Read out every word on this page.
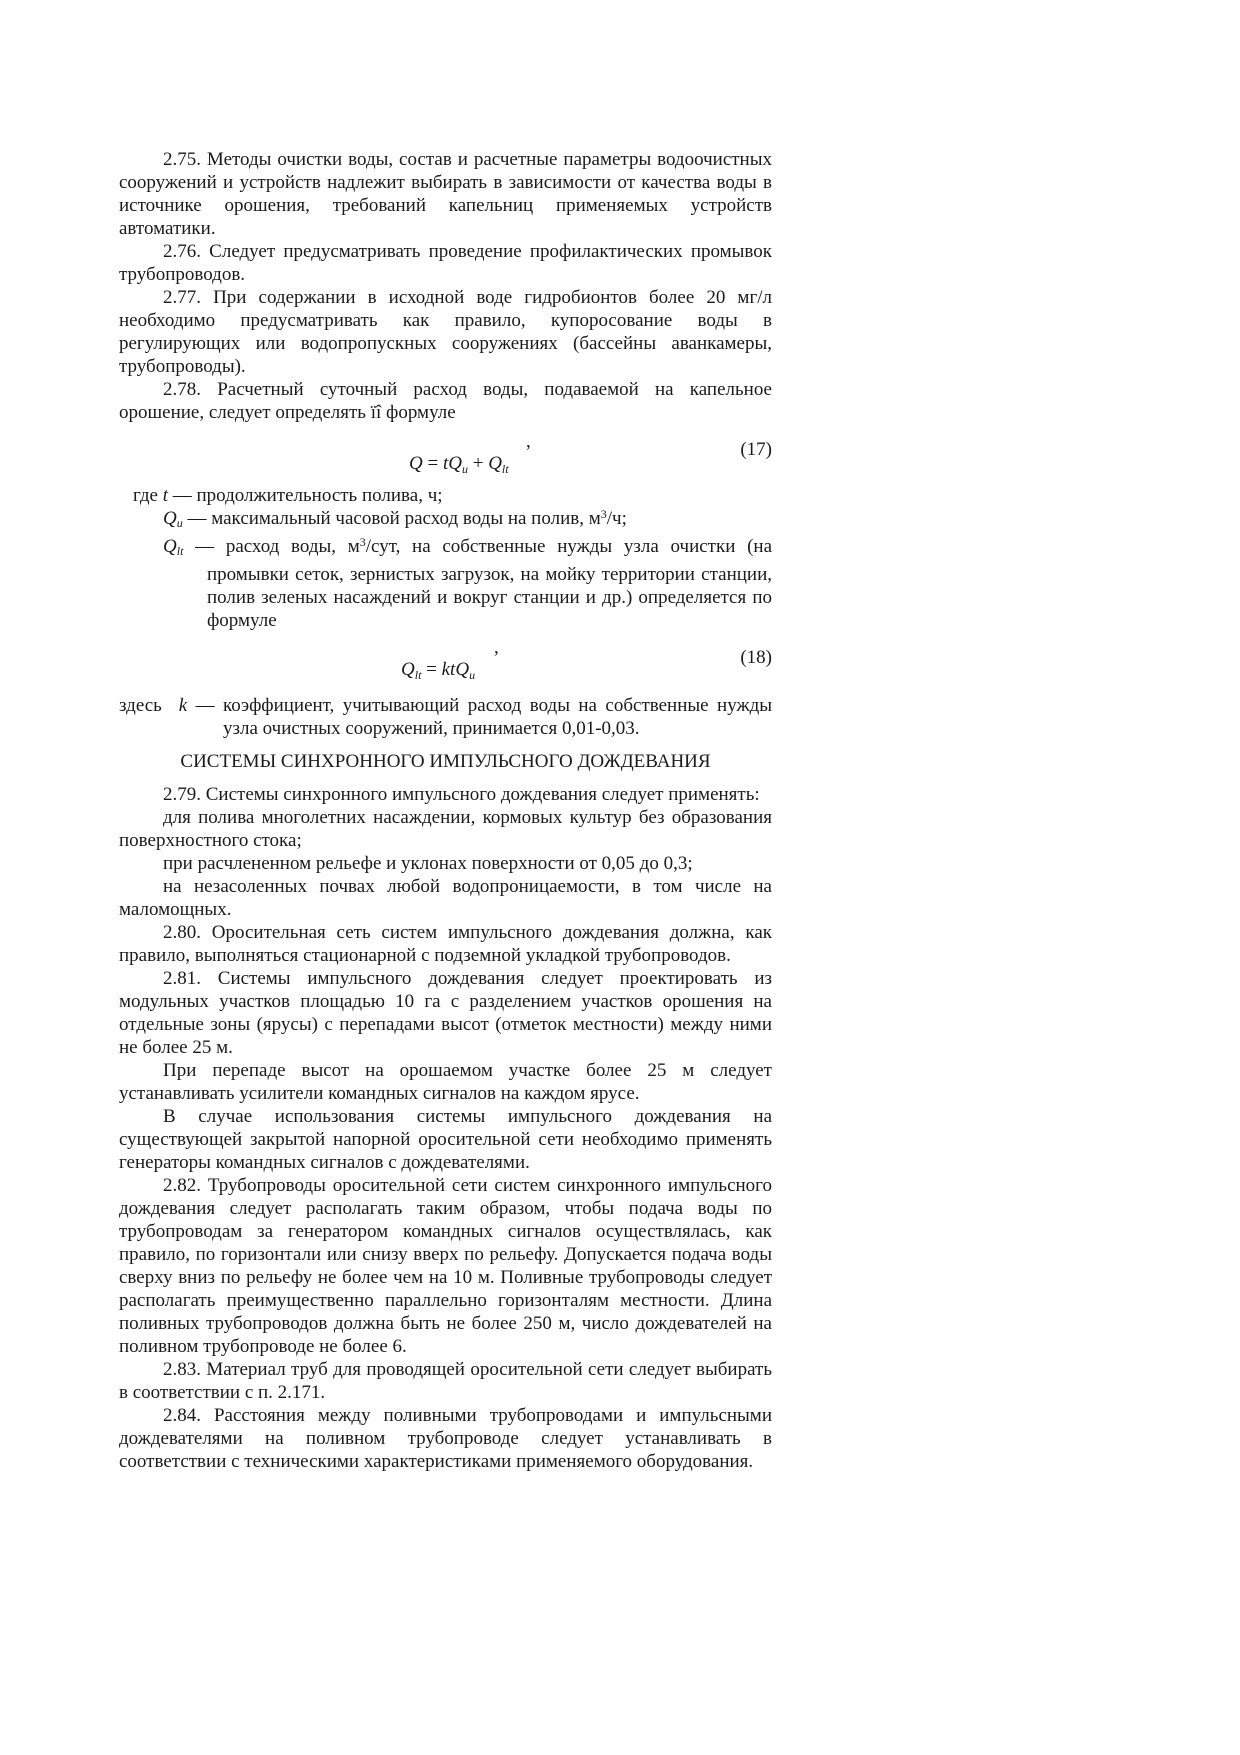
2.75. Методы очистки воды, состав и расчетные параметры водоочистных сооружений и устройств надлежит выбирать в зависимости от качества воды в источнике орошения, требований капельниц применяемых устройств автоматики.

2.76. Следует предусматривать проведение профилактических промывок трубопроводов.

2.77. При содержании в исходной воде гидробионтов более 20 мг/л необходимо предусматривать как правило, купоросование воды в регулирующих или водопропускных сооружениях (бассейны аванкамеры, трубопроводы).

2.78. Расчетный суточный расход воды, подаваемой на капельное орошение, следует определять ïî формуле

$Q = tQ_u + Q_{lt}$
,	(17)

где t — продолжительность полива, ч;

$Q_u$ — максимальный часовой расход воды на полив, $м^3/ч$;

$Q_{lt}$ — расход воды, $м^3$/сут, на собственные нужды узла очистки (на промывки сеток, зернистых загрузок, на мойку территории станции, полив зеленых насаждений и вокруг станции и др.) определяется по формуле

$Q_{lt} = ktQ_u$
,	(18)

здесь k — коэффициент, учитывающий расход воды на собственные нужды узла очистных сооружений, принимается 0,01-0,03.

СИСТЕМЫ СИНХРОННОГО ИМПУЛЬСНОГО ДОЖДЕВАНИЯ

2.79. Системы синхронного импульсного дождевания следует применять:

для полива многолетних насаждении, кормовых культур без образования поверхностного стока;

при расчлененном рельефе и уклонах поверхности от 0,05 до 0,3;

на незасоленных почвах любой водопроницаемости, в том числе на маломощных.

2.80. Оросительная сеть систем импульсного дождевания должна, как правило, выполняться стационарной с подземной укладкой трубопроводов.

2.81. Системы импульсного дождевания следует проектировать из модульных участков площадью 10 га с разделением участков орошения на отдельные зоны (ярусы) с перепадами высот (отметок местности) между ними не более 25 м.

При перепаде высот на орошаемом участке более 25 м следует устанавливать усилители командных сигналов на каждом ярусе.

В случае использования системы импульсного дождевания на существующей закрытой напорной оросительной сети необходимо применять генераторы командных сигналов с дождевателями.

2.82. Трубопроводы оросительной сети систем синхронного импульсного дождевания следует располагать таким образом, чтобы подача воды по трубопроводам за генератором командных сигналов осуществлялась, как правило, по горизонтали или снизу вверх по рельефу. Допускается подача воды сверху вниз по рельефу не более чем на 10 м. Поливные трубопроводы следует располагать преимущественно параллельно горизонталям местности. Длина поливных трубопроводов должна быть не более 250 м, число дождевателей на поливном трубопроводе не более 6.

2.83. Материал труб для проводящей оросительной сети следует выбирать в соответствии с п. 2.171.

2.84. Расстояния между поливными трубопроводами и импульсными дождевателями на поливном трубопроводе следует устанавливать в соответствии с техническими характеристиками применяемого оборудования.
